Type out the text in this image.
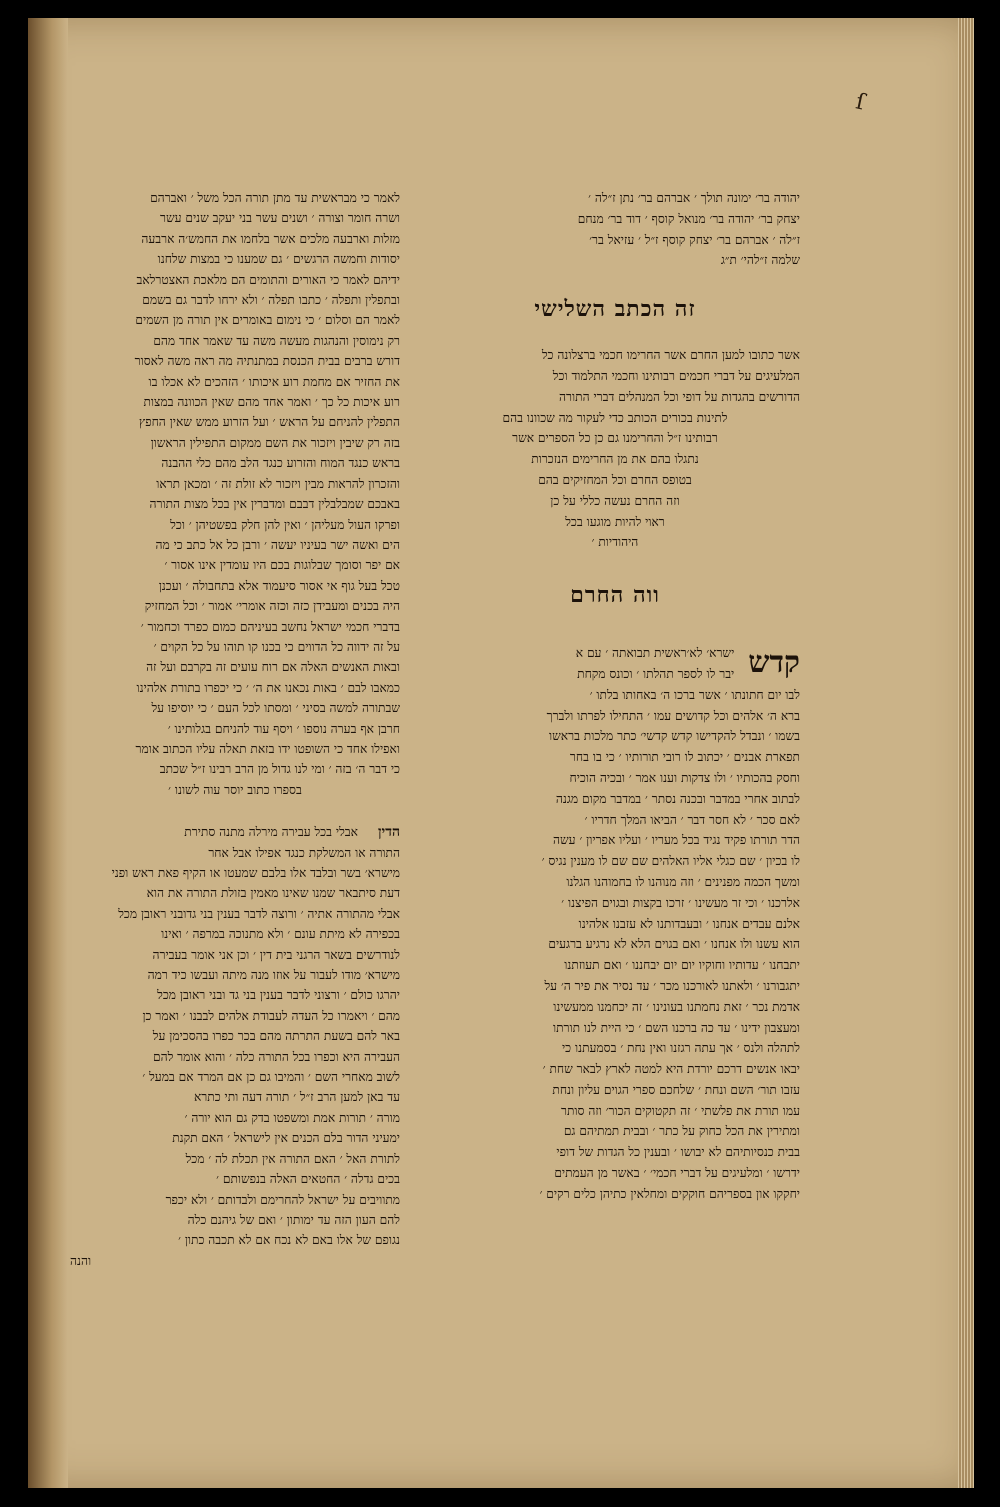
ſ
יהודה בר׳ ימונה תולך ׳ אברהם בר׳ נתן ז״לה ׳
יצחק בר׳ יהודה בר׳ מנואל קוסף ׳ דוד בר׳ מנחם
ז״לה ׳ אברהם בר׳ יצחק קוסף ז״ל ׳ עזיאל בר׳
שלמה ז״להי׳ ת״ג
זה הכתב השלישי
אשר כתובו למען החרם אשר החרימו חכמי ברצלונה כל
המלעיגים על דברי חכמים רבותינו וחכמי התלמוד וכל
הדורשים בהגדות על דופי וכל המנהלים דברי התורה
לתינות בכורים הכותב כדי לעקור מה שכוונו בהם
רבותינו ז״ל והחרימנו גם כן כל הספרים אשר
נתגלו בהם את מן החרימים הנזכרות
בטופס החרם וכל המחזיקים בהם
וזה החרם נעשה כללי על כן
ראוי להיות מוגעו בכל
היהודיות ׳
ווה החרם
קדש
ישרא׳ לא׳ראשית תבואתה ׳ עם א
יבר לו לספר תהלתו ׳ וכונס מקחת
לבו יום חתונתו ׳ אשר ברכו ה׳ באחותו בלתו ׳
ברא ה׳ אלהים וכל קדושים עמו ׳ התחילו לפרתו ולברך
בשמו ׳ ונבדל להקדישו קדש קדשי׳ כתר מלכות בראשו
תפארת אבנים ׳ יכתוב לו רובי תורותיו ׳ כי בו בחר
וחסק בהכותיו ׳ ולו צדקות וענו אמר ׳ ובכיה הוכיח
לבתוב אחרי במדבר ובכנה נסתר ׳ במדבר מקום מגנה
לאם סכר ׳ לא חסר דבר ׳ הביאו המלך חדריו ׳
הדר תורתו פקיד נגיד בכל מעריו ׳ ועליו אפריון ׳ עשה
לו בכיון ׳ שם כגלי אליו האלהים שם שם לו מענין נגיס ׳
ומשך הכמה מפנינים ׳ וזה מנוהנו לו בחמוהנו הגלנו
אלרכנו ׳ וכי זר מעשינו ׳ זרכו בקצות ובגוים הפיצנו ׳
אלנם עבדים אנחנו ׳ ובעבדותנו לא עזבנו אלהינו
הוא עשנו ולו אנחנו ׳ ואם בגוים הלא לא נרגיע ברגעים
יתבחנו ׳ עדותיו וחוקיו יום יום יבחננו ׳ ואם תעוזתנו
יתגבורנו ׳ ולאתנו לאורכנו מכר ׳ עד נסיר את פיר ה׳ על
אדמת נכר ׳ זאת נחמתנו בעונינו ׳ זה יכחמנו ממעשינו
ומעצבון ידינו ׳ עד כה ברכנו השם ׳ כי היית לנו תורתו
לתהלה ולנס ׳ אך עתה רגזנו ואין נחת ׳ בסמעתנו כי
יבאו אנשים דרכם יורדת היא למטה לארץ לבאר שחת ׳
עזבו תור׳ השם ונחת ׳ שלחכם ספרי הגוים עליון ונחת
עמו תורת את פלשתי ׳ זה תקטוקים הכור׳ וזה סותר
ומתירין את הכל כחוק על כתר ׳ ובבית תמתיהם גם
בבית כנסיותיהם לא יבושו ׳ ובענין כל הגדות של דופי
ידרשו ׳ ומלעיגים על דברי חכמי׳ ׳ באשר מן העמתים
יחקקו און בספריהם חוקקים ומחלאין כתיהן כלים רקים ׳
לאמר כי מבראשית עד מתן תורה הכל משל ׳ ואברהם
ושרה חומר וצורה ׳ ושנים עשר בני יעקב שנים עשר
מזלות וארבעה מלכים אשר בלחמו את החמש׳ה ארבעה
יסודות וחמשה הרגשים ׳ גם שמענו כי במצות שלחנו
ידיהם לאמר כי האורים והתומים הם מלאכת האצטרלאב
ובתפלין ותפלה ׳ כתבו תפלה ׳ ולא ירחו לדבר גם בשמם
לאמר הם וסלום ׳ כי נימום באומרים אין תורה מן השמים
רק נימוסין והנהגות מעשה משה עד שאמר אחד מהם
דורש ברבים בבית הכנסת במתנתיה מה ראה משה לאסור
את החזיר אם מחמת רוע איכותו ׳ הזהכים לא אכלו בו
רוע איכות כל כך ׳ ואמר אחד מהם שאין הכוונה במצות
התפלין להניחם על הראש ׳ ועל הזרוע ממש שאין החפץ
בזה רק שיבין ויזכור את השם ממקום התפילין הראשון
בראש כנגד המוח והזרוע כנגד הלב מהם כלי ההבנה
והזכרון להראות מבין ויזכור לא זולת זה ׳ ומכאן תראו
באבכם שמבלבלין דבבם ומדברין אין בכל מצות התורה
ופרקו העול מעליהן ׳ ואין להן חלק בפשטיהן ׳ וכל
הים ואשה ישר בעיניו יעשה ׳ ורבן כל אל כתב כי מה
אם יפר וסומך שבלוגות בכם היו עומדין אינו אסור ׳
טכל בעל גוף אי אסור סיעמוד אלא בתחבולה ׳ ועכנן
היה בכנים ומעבידן כזה וכזה אומרי׳ אמור ׳ וכל המחזיק
בדברי חכמי ישראל נחשב בעיניהם כמום כפרד וכחמור ׳
על זה ידווה כל הדווים כי בכנו קו תוהו על כל הקוים ׳
ובאות האנשים האלה אם רוח עועים זה בקרבם ועל זה
כמאבו לבם ׳ באות נכאנו את ה׳ ׳ כי יכפרו בתורת אלהינו
שבתורה למשה בסיני ׳ ומסתו לכל העם ׳ כי יוסיפו על
חרבן אף בערה נוספו ׳ ויסף עוד להניחם בגלותינו ׳
ואפילו אחד כי השופטו ידו בזאת תאלה עליו הכתוב אומר
כי דבר ה׳ בזה ׳ ומי לנו גדול מן הרב רבינו ז״ל שכתב
בספרו כתוב יוסר עוה לשונו ׳
הדין
אבלי בכל עבירה מירלה מתנה סתירת
התורה או המשלקת כנגד אפילו אבל אחר
מישרא׳ בשר ובלבד אלו בלבם שמעטו או הקיף פאת ראש ופני
דעת סיתבאר שמנו שאינו מאמין בזולת התורה את הוא
אבלי מהתורה אתיה ׳ ורוצה לדבר בענין בני גדובני ראובן מכל
בכפירה לא מיתת עונם ׳ ולא מתנוכה במרפה ׳ ואינו
לנודרשים בשאר הרגני בית דין ׳ וכן אני אומר בעבירה
מישרא׳ מודו לעבור על אוזו מנה מיתה ועבשו כיד רמה
יהרגו כולם ׳ ורצוני לדבר בענין בני גד ובני ראובן מכל
מהם ׳ ויאמרו כל העדה לעבודת אלהים לבבנו ׳ ואמר כן
באר להם בשעת התרתה מהם בכר כפרו בהסכימן על
העבירה היא וכפרו בכל התורה כלה ׳ והוא אומר להם
לשוב מאחרי השם ׳ והמיבו גם כן אם המרד אם במעל ׳
עד באן למען הרב ז״ל ׳ תורה דעה ותי כתרא
מורה ׳ תורות אמת ומשפטו בדק גם הוא יורה ׳
ימעיני הדור בלם הכנים אין לישראל ׳ האם תקנת
לתורת האל ׳ האם התורה אין תכלת לה ׳ מכל
בכים גדלה ׳ החטאים האלה בנפשותם ׳
מתוויבים על ישראל להחרימם ולבדותם ׳ ולא יכפר
להם העון הזה עד ימותון ׳ ואם של גיהנם כלה
נגופם של אלו באם לא נכח אם לא תכבה כתון ׳
והנה
